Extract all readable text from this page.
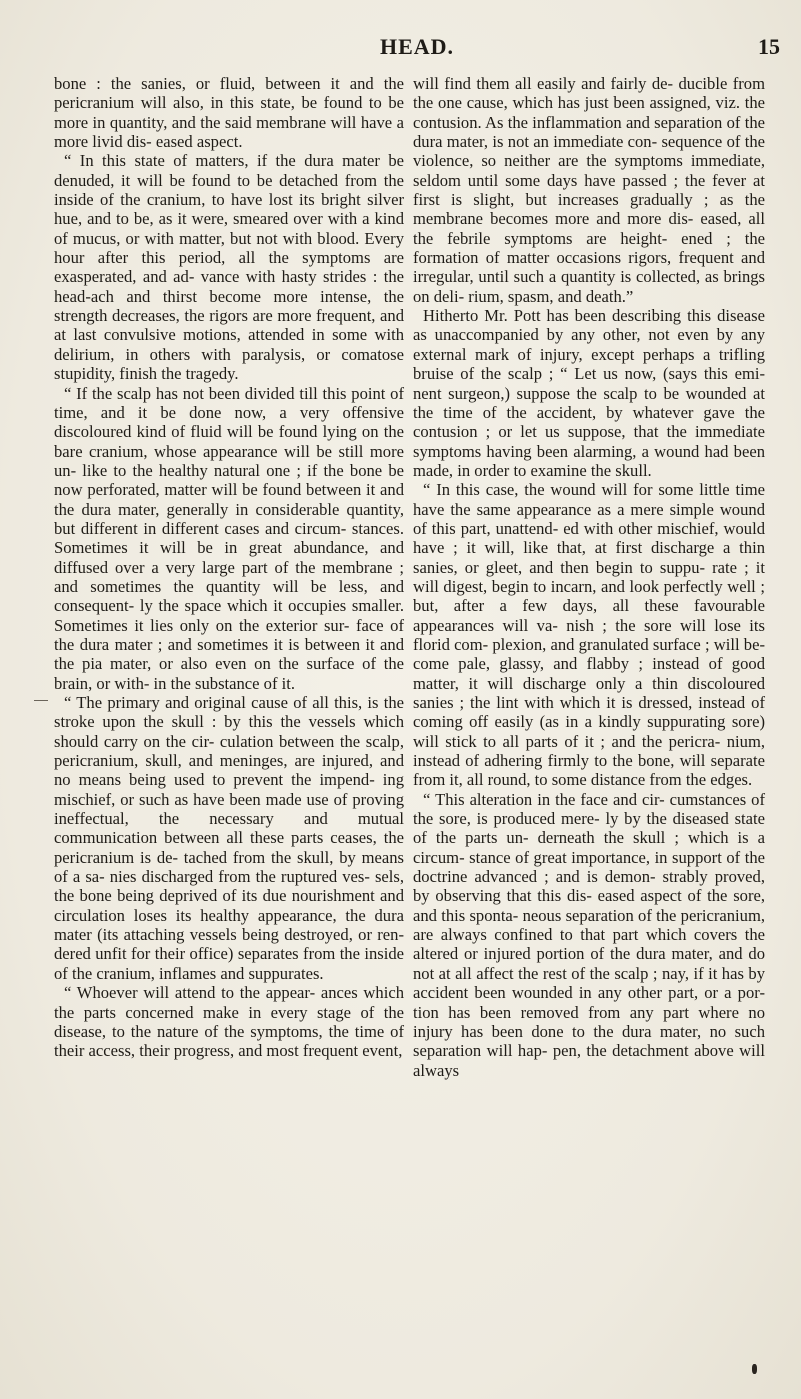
HEAD.	15

bone : the sanies, or fluid, between it and the pericranium will also, in this state, be found to be more in quantity, and the said membrane will have a more livid dis- eased aspect.

“ In this state of matters, if the dura mater be denuded, it will be found to be detached from the inside of the cranium, to have lost its bright silver hue, and to be, as it were, smeared over with a kind of mucus, or with matter, but not with blood. Every hour after this period, all the symptoms are exasperated, and ad- vance with hasty strides : the head-ach and thirst become more intense, the strength decreases, the rigors are more frequent, and at last convulsive motions, attended in some with delirium, in others with paralysis, or comatose stupidity, finish the tragedy.

“ If the scalp has not been divided till this point of time, and it be done now, a very offensive discoloured kind of fluid will be found lying on the bare cranium, whose appearance will be still more un- like to the healthy natural one ; if the bone be now perforated, matter will be found between it and the dura mater, generally in considerable quantity, but different in different cases and circum- stances. Sometimes it will be in great abundance, and diffused over a very large part of the membrane ; and sometimes the quantity will be less, and consequent- ly the space which it occupies smaller. Sometimes it lies only on the exterior sur- face of the dura mater ; and sometimes it is between it and the pia mater, or also even on the surface of the brain, or with- in the substance of it.

“ The primary and original cause of all this, is the stroke upon the skull : by this the vessels which should carry on the cir- culation between the scalp, pericranium, skull, and meninges, are injured, and no means being used to prevent the impend- ing mischief, or such as have been made use of proving ineffectual, the necessary and mutual communication between all these parts ceases, the pericranium is de- tached from the skull, by means of a sa- nies discharged from the ruptured ves- sels, the bone being deprived of its due nourishment and circulation loses its healthy appearance, the dura mater (its attaching vessels being destroyed, or ren- dered unfit for their office) separates from the inside of the cranium, inflames and suppurates.

“ Whoever will attend to the appear- ances which the parts concerned make in every stage of the disease, to the nature of the symptoms, the time of their access, their progress, and most frequent event,

will find them all easily and fairly de- ducible from the one cause, which has just been assigned, viz. the contusion. As the inflammation and separation of the dura mater, is not an immediate con- sequence of the violence, so neither are the symptoms immediate, seldom until some days have passed ; the fever at first is slight, but increases gradually ; as the membrane becomes more and more dis- eased, all the febrile symptoms are height- ened ; the formation of matter occasions rigors, frequent and irregular, until such a quantity is collected, as brings on deli- rium, spasm, and death.”

Hitherto Mr. Pott has been describing this disease as unaccompanied by any other, not even by any external mark of injury, except perhaps a trifling bruise of the scalp ; “ Let us now, (says this emi- nent surgeon,) suppose the scalp to be wounded at the time of the accident, by whatever gave the contusion ; or let us suppose, that the immediate symptoms having been alarming, a wound had been made, in order to examine the skull.

“ In this case, the wound will for some little time have the same appearance as a mere simple wound of this part, unattend- ed with other mischief, would have ; it will, like that, at first discharge a thin sanies, or gleet, and then begin to suppu- rate ; it will digest, begin to incarn, and look perfectly well ; but, after a few days, all these favourable appearances will va- nish ; the sore will lose its florid com- plexion, and granulated surface ; will be- come pale, glassy, and flabby ; instead of good matter, it will discharge only a thin discoloured sanies ; the lint with which it is dressed, instead of coming off easily (as in a kindly suppurating sore) will stick to all parts of it ; and the pericra- nium, instead of adhering firmly to the bone, will separate from it, all round, to some distance from the edges.

“ This alteration in the face and cir- cumstances of the sore, is produced mere- ly by the diseased state of the parts un- derneath the skull ; which is a circum- stance of great importance, in support of the doctrine advanced ; and is demon- strably proved, by observing that this dis- eased aspect of the sore, and this sponta- neous separation of the pericranium, are always confined to that part which covers the altered or injured portion of the dura mater, and do not at all affect the rest of the scalp ; nay, if it has by accident been wounded in any other part, or a por- tion has been removed from any part where no injury has been done to the dura mater, no such separation will hap- pen, the detachment above will always
